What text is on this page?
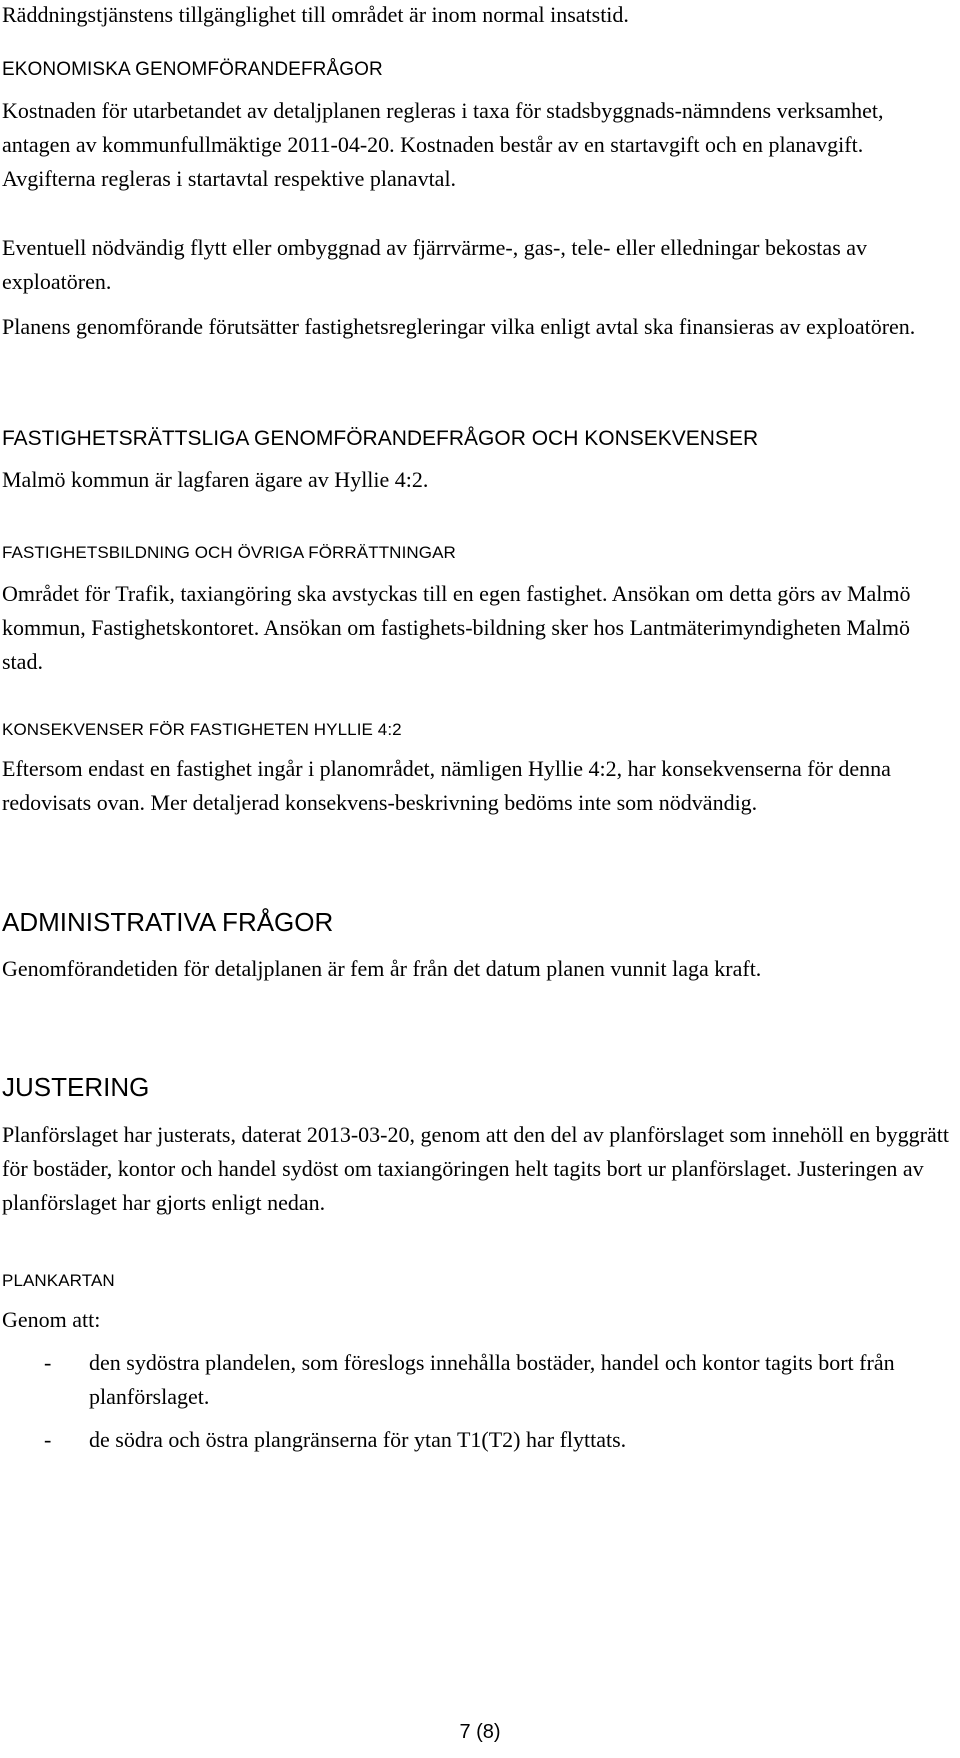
Räddningstjänstens tillgänglighet till området är inom normal insatstid.

EKONOMISKA GENOMFÖRANDEFRÅGOR

Kostnaden för utarbetandet av detaljplanen regleras i taxa för stadsbyggnads-nämndens verksamhet, antagen av kommunfullmäktige 2011-04-20. Kostnaden består av en startavgift och en planavgift. Avgifterna regleras i startavtal respektive planavtal.

Eventuell nödvändig flytt eller ombyggnad av fjärrvärme-, gas-, tele- eller elledningar bekostas av exploatören.

Planens genomförande förutsätter fastighetsregleringar vilka enligt avtal ska finansieras av exploatören.

FASTIGHETSRÄTTSLIGA GENOMFÖRANDEFRÅGOR OCH KONSEKVENSER

Malmö kommun är lagfaren ägare av Hyllie 4:2.

FASTIGHETSBILDNING OCH ÖVRIGA FÖRRÄTTNINGAR

Området för Trafik, taxiangöring ska avstyckas till en egen fastighet. Ansökan om detta görs av Malmö kommun, Fastighetskontoret. Ansökan om fastighets-bildning sker hos Lantmäterimyndigheten Malmö stad.

KONSEKVENSER FÖR FASTIGHETEN HYLLIE 4:2

Eftersom endast en fastighet ingår i planområdet, nämligen Hyllie 4:2, har konsekvenserna för denna redovisats ovan. Mer detaljerad konsekvens-beskrivning bedöms inte som nödvändig.

ADMINISTRATIVA FRÅGOR

Genomförandetiden för detaljplanen är fem år från det datum planen vunnit laga kraft.

JUSTERING

Planförslaget har justerats, daterat 2013-03-20, genom att den del av planförslaget som innehöll en byggrätt för bostäder, kontor och handel sydöst om taxiangöringen helt tagits bort ur planförslaget. Justeringen av planförslaget har gjorts enligt nedan.

PLANKARTAN

Genom att:

- den sydöstra plandelen, som föreslogs innehålla bostäder, handel och kontor tagits bort från planförslaget.
- de södra och östra plangränserna för ytan T1(T2) har flyttats.
7 (8)
